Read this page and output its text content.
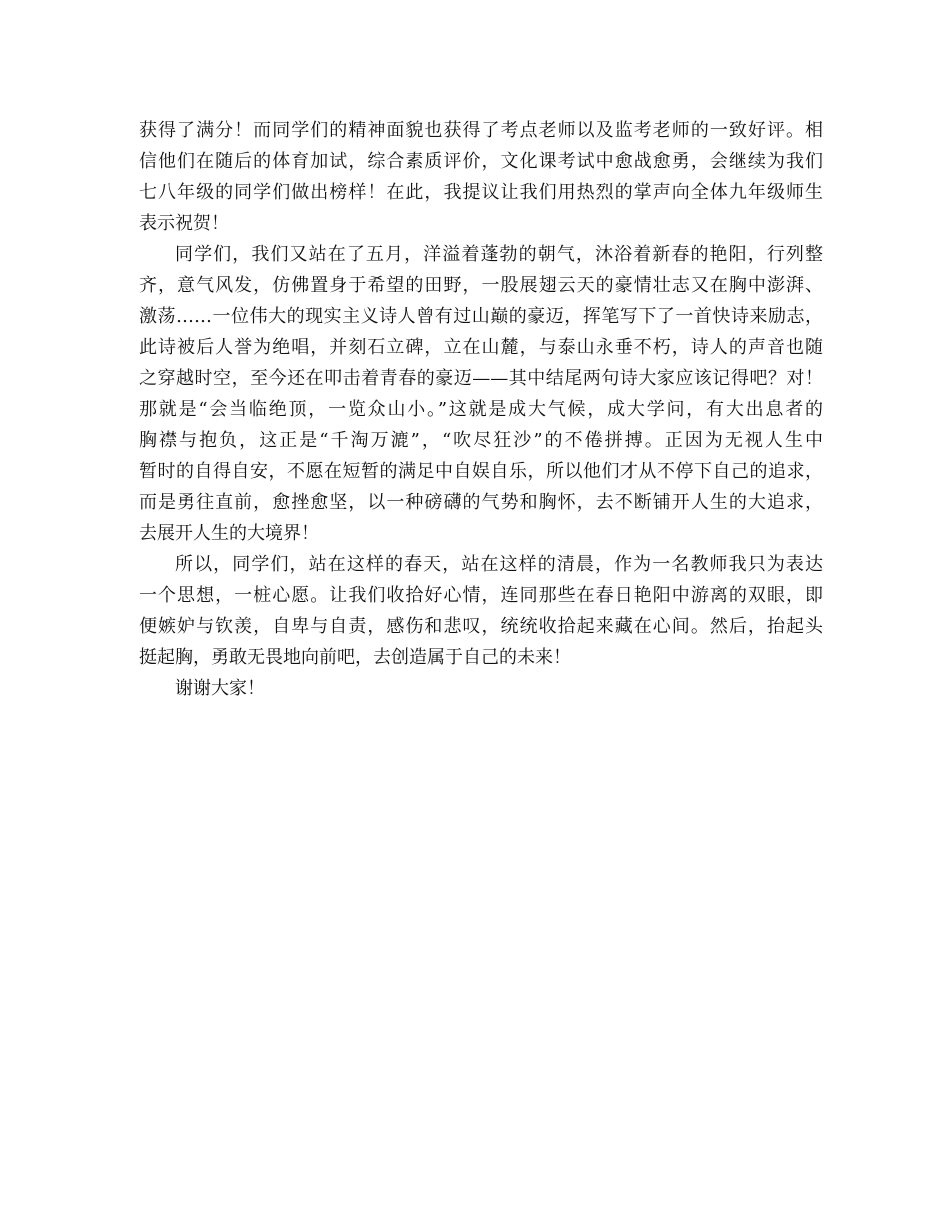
获得了满分！而同学们的精神面貌也获得了考点老师以及监考老师的一致好评。相
信他们在随后的体育加试，综合素质评价，文化课考试中愈战愈勇，会继续为我们
七八年级的同学们做出榜样！在此，我提议让我们用热烈的掌声向全体九年级师生
表示祝贺！
同学们，我们又站在了五月，洋溢着蓬勃的朝气，沐浴着新春的艳阳，行列整
齐，意气风发，仿佛置身于希望的田野，一股展翅云天的豪情壮志又在胸中澎湃、
激荡……一位伟大的现实主义诗人曾有过山巅的豪迈，挥笔写下了一首快诗来励志，
此诗被后人誉为绝唱，并刻石立碑，立在山麓，与泰山永垂不朽，诗人的声音也随
之穿越时空，至今还在叩击着青春的豪迈——其中结尾两句诗大家应该记得吧？对！
那就是“会当临绝顶，一览众山小。”这就是成大气候，成大学问，有大出息者的
胸襟与抱负，这正是“千淘万漉”，“吹尽狂沙”的不倦拼搏。正因为无视人生中
暂时的自得自安，不愿在短暂的满足中自娱自乐，所以他们才从不停下自己的追求，
而是勇往直前，愈挫愈坚，以一种磅礴的气势和胸怀，去不断铺开人生的大追求，
去展开人生的大境界！
所以，同学们，站在这样的春天，站在这样的清晨，作为一名教师我只为表达
一个思想，一桩心愿。让我们收拾好心情，连同那些在春日艳阳中游离的双眼，即
便嫉妒与钦羡，自卑与自责，感伤和悲叹，统统收拾起来藏在心间。然后，抬起头
挺起胸，勇敢无畏地向前吧，去创造属于自己的未来！
谢谢大家！
